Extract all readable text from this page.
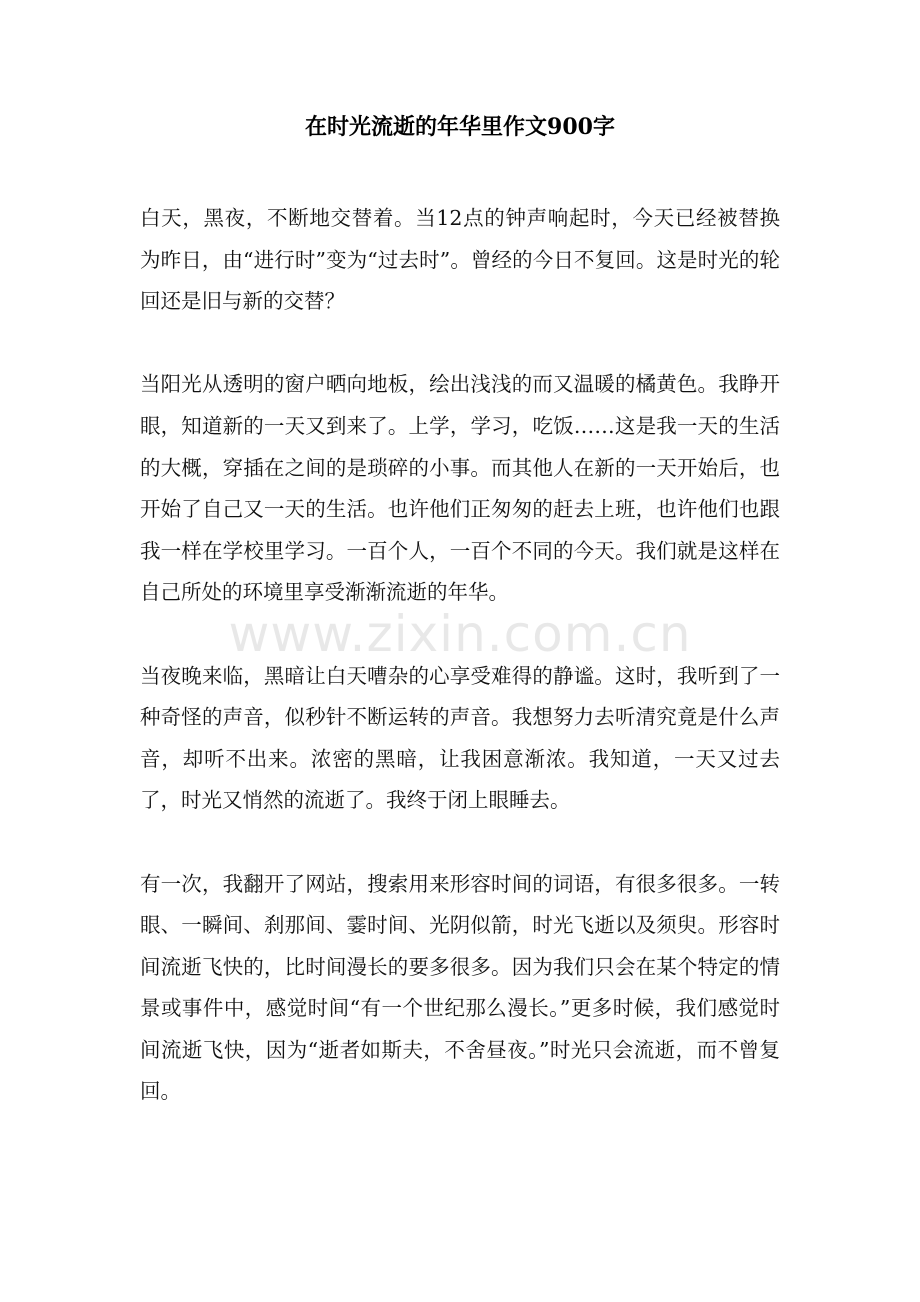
在时光流逝的年华里作文900字

白天，黑夜，不断地交替着。当12点的钟声响起时，今天已经被替换为昨日，由“进行时”变为“过去时”。曾经的今日不复回。这是时光的轮回还是旧与新的交替？

当阳光从透明的窗户晒向地板，绘出浅浅的而又温暖的橘黄色。我睁开眼，知道新的一天又到来了。上学，学习，吃饭……这是我一天的生活的大概，穿插在之间的是琐碎的小事。而其他人在新的一天开始后，也开始了自己又一天的生活。也许他们正匆匆的赶去上班，也许他们也跟我一样在学校里学习。一百个人，一百个不同的今天。我们就是这样在自己所处的环境里享受渐渐流逝的年华。

当夜晚来临，黑暗让白天嘈杂的心享受难得的静谧。这时，我听到了一种奇怪的声音，似秒针不断运转的声音。我想努力去听清究竟是什么声音，却听不出来。浓密的黑暗，让我困意渐浓。我知道，一天又过去了，时光又悄然的流逝了。我终于闭上眼睡去。

有一次，我翻开了网站，搜索用来形容时间的词语，有很多很多。一转眼、一瞬间、刹那间、霎时间、光阴似箭，时光飞逝以及须臾。形容时间流逝飞快的，比时间漫长的要多很多。因为我们只会在某个特定的情景或事件中，感觉时间“有一个世纪那么漫长。”更多时候，我们感觉时间流逝飞快，因为“逝者如斯夫，不舍昼夜。”时光只会流逝，而不曾复回。

www.zixin.com.cn
